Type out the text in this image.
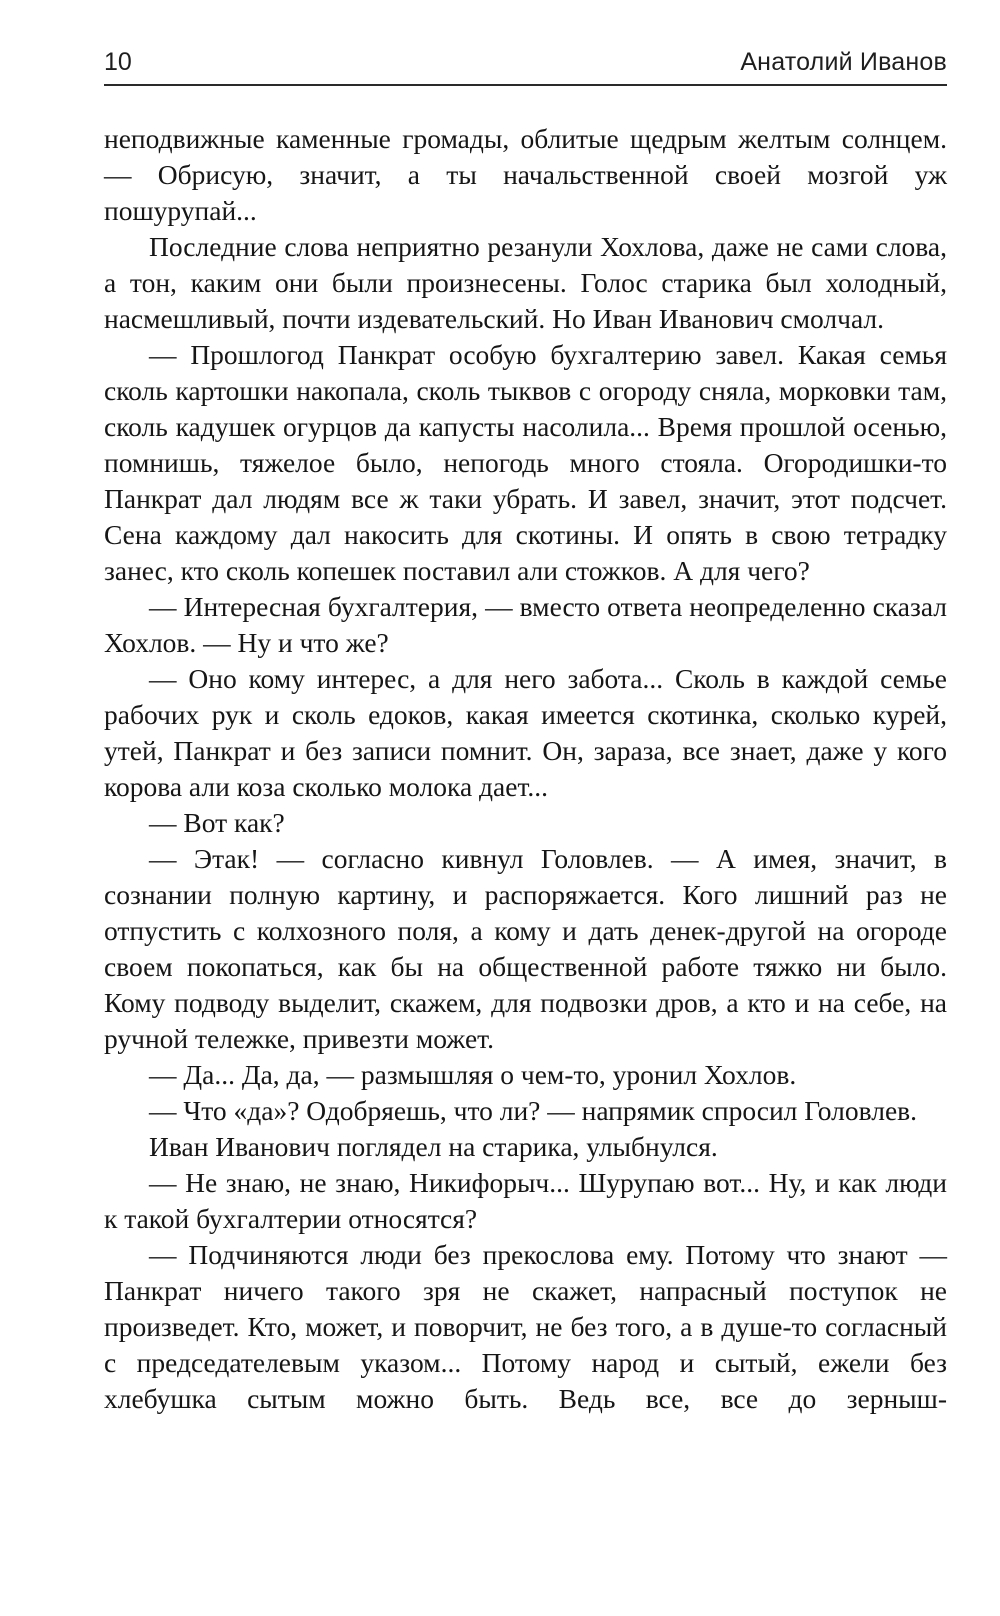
10	Анатолий Иванов

неподвижные каменные громады, облитые щедрым желтым солнцем. — Обрисую, значит, а ты начальственной своей мозгой уж пошурупай...

Последние слова неприятно резанули Хохлова, даже не сами слова, а тон, каким они были произнесены. Голос старика был холодный, насмешливый, почти издевательский. Но Иван Иванович смолчал.

— Прошлогод Панкрат особую бухгалтерию завел. Какая семья сколь картошки накопала, сколь тыквов с огороду сняла, морковки там, сколь кадушек огурцов да капусты насолила... Время прошлой осенью, помнишь, тяжелое было, непогодь много стояла. Огородишки-то Панкрат дал людям все ж таки убрать. И завел, значит, этот подсчет. Сена каждому дал накосить для скотины. И опять в свою тетрадку занес, кто сколь копешек поставил али стожков. А для чего?

— Интересная бухгалтерия, — вместо ответа неопределенно сказал Хохлов. — Ну и что же?

— Оно кому интерес, а для него забота... Сколь в каждой семье рабочих рук и сколь едоков, какая имеется скотинка, сколько курей, утей, Панкрат и без записи помнит. Он, зараза, все знает, даже у кого корова али коза сколько молока дает...

— Вот как?

— Этак! — согласно кивнул Головлев. — А имея, значит, в сознании полную картину, и распоряжается. Кого лишний раз не отпустить с колхозного поля, а кому и дать денек-другой на огороде своем покопаться, как бы на общественной работе тяжко ни было. Кому подводу выделит, скажем, для подвозки дров, а кто и на себе, на ручной тележке, привезти может.

— Да... Да, да, — размышляя о чем-то, уронил Хохлов.

— Что «да»? Одобряешь, что ли? — напрямик спросил Головлев.

Иван Иванович поглядел на старика, улыбнулся.

— Не знаю, не знаю, Никифорыч... Шурупаю вот... Ну, и как люди к такой бухгалтерии относятся?

— Подчиняются люди без прекослова ему. Потому что знают — Панкрат ничего такого зря не скажет, напрасный поступок не произведет. Кто, может, и поворчит, не без того, а в душе-то согласный с председателевым указом... Потому народ и сытый, ежели без хлебушка сытым можно быть. Ведь все, все до зерныш-
